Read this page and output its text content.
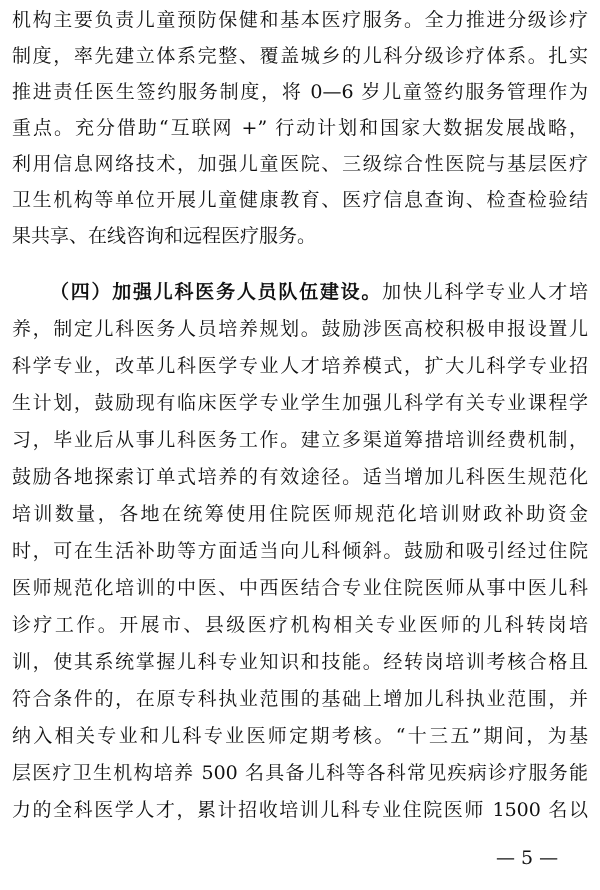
机构主要负责儿童预防保健和基本医疗服务。全力推进分级诊疗
制度，率先建立体系完整、覆盖城乡的儿科分级诊疗体系。扎实
推进责任医生签约服务制度，将 0—6 岁儿童签约服务管理作为
重点。充分借助“互联网 +” 行动计划和国家大数据发展战略，
利用信息网络技术，加强儿童医院、三级综合性医院与基层医疗
卫生机构等单位开展儿童健康教育、医疗信息查询、检查检验结
果共享、在线咨询和远程医疗服务。
（四）加强儿科医务人员队伍建设。加快儿科学专业人才培
养，制定儿科医务人员培养规划。鼓励涉医高校积极申报设置儿
科学专业，改革儿科医学专业人才培养模式，扩大儿科学专业招
生计划，鼓励现有临床医学专业学生加强儿科学有关专业课程学
习，毕业后从事儿科医务工作。建立多渠道筹措培训经费机制，
鼓励各地探索订单式培养的有效途径。适当增加儿科医生规范化
培训数量，各地在统筹使用住院医师规范化培训财政补助资金
时，可在生活补助等方面适当向儿科倾斜。鼓励和吸引经过住院
医师规范化培训的中医、中西医结合专业住院医师从事中医儿科
诊疗工作。开展市、县级医疗机构相关专业医师的儿科转岗培
训，使其系统掌握儿科专业知识和技能。经转岗培训考核合格且
符合条件的，在原专科执业范围的基础上增加儿科执业范围，并
纳入相关专业和儿科专业医师定期考核。“十三五”期间，为基
层医疗卫生机构培养 500 名具备儿科等各科常见疾病诊疗服务能
力的全科医学人才，累计招收培训儿科专业住院医师 1500 名以
— 5 —
